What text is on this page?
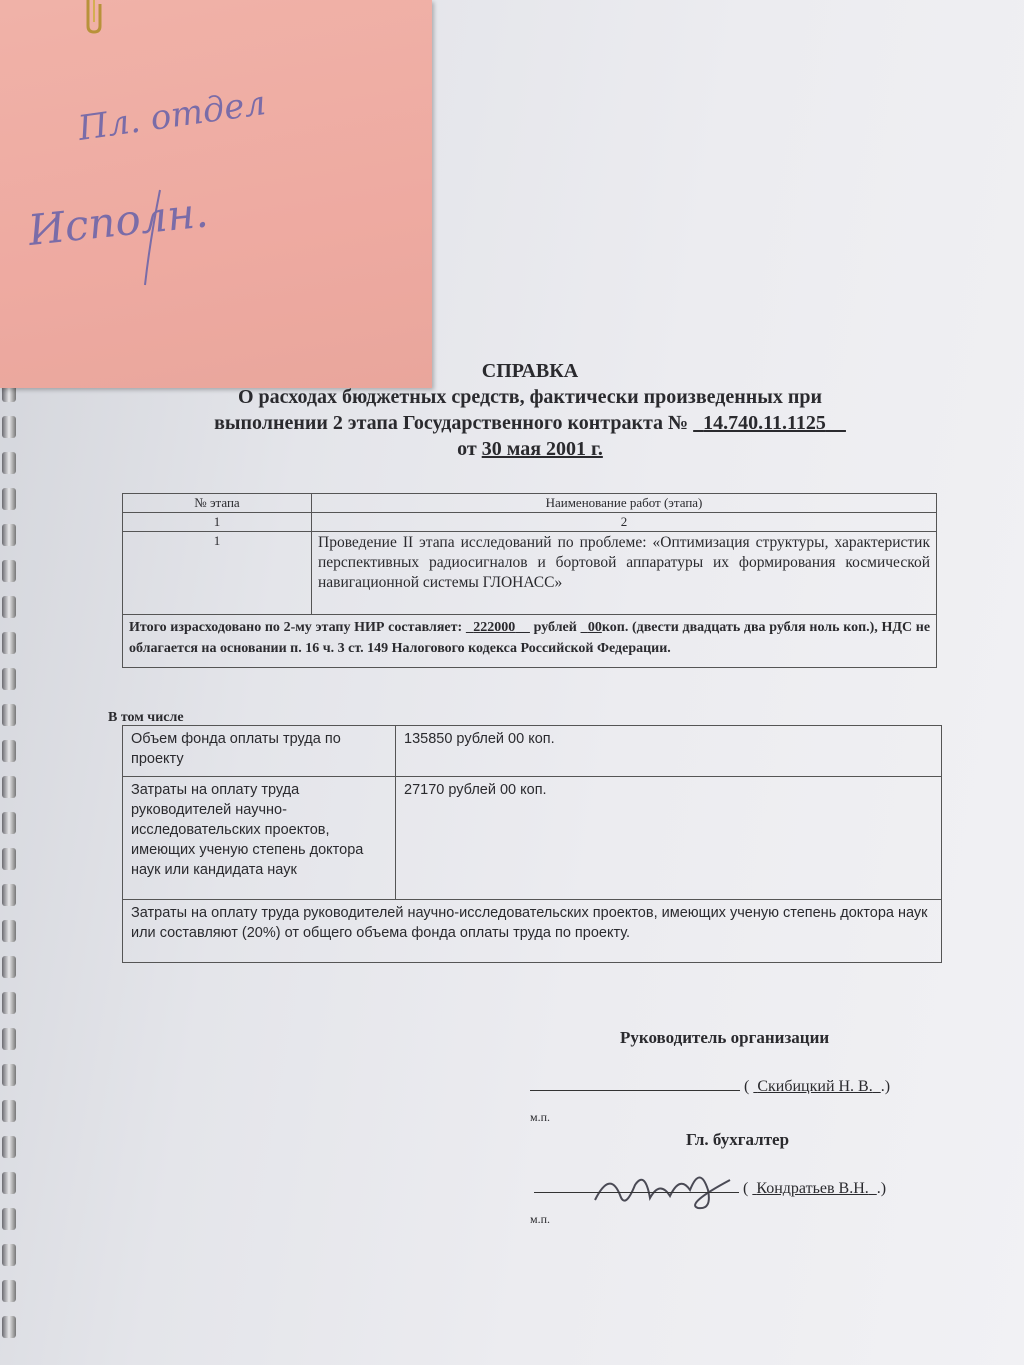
Пл. отдел
Исполн.
СПРАВКА
О расходах бюджетных средств, фактически произведенных при
выполнении 2 этапа Государственного контракта № 14.740.11.1125
от 30 мая 2001 г.
№ этапа	Наименование работ (этапа)
1	2
1	Проведение II этапа исследований по проблеме: «Оптимизация структуры, характеристик перспективных радиосигналов и бортовой аппаратуры их формирования космической навигационной системы ГЛОНАСС»
Итого израсходовано по 2-му этапу НИР составляет: 222000 рублей 00коп. (двести двадцать два рубля ноль коп.), НДС не облагается на основании п. 16 ч. 3 ст. 149 Налогового кодекса Российской Федерации.	
В том числе
Объем фонда оплаты труда по проекту	135850 рублей 00 коп.
Затраты на оплату труда руководителей научно-исследовательских проектов, имеющих ученую степень доктора наук или кандидата наук	27170 рублей 00 коп.
Затраты на оплату труда руководителей научно-исследовательских проектов, имеющих ученую степень доктора наук или составляют (20%) от общего объема фонда оплаты труда по проекту.	
Руководитель организации
(  Скибицкий Н. В. .)
м.п.
Гл. бухгалтер
(  Кондратьев В.Н. .)
м.п.
